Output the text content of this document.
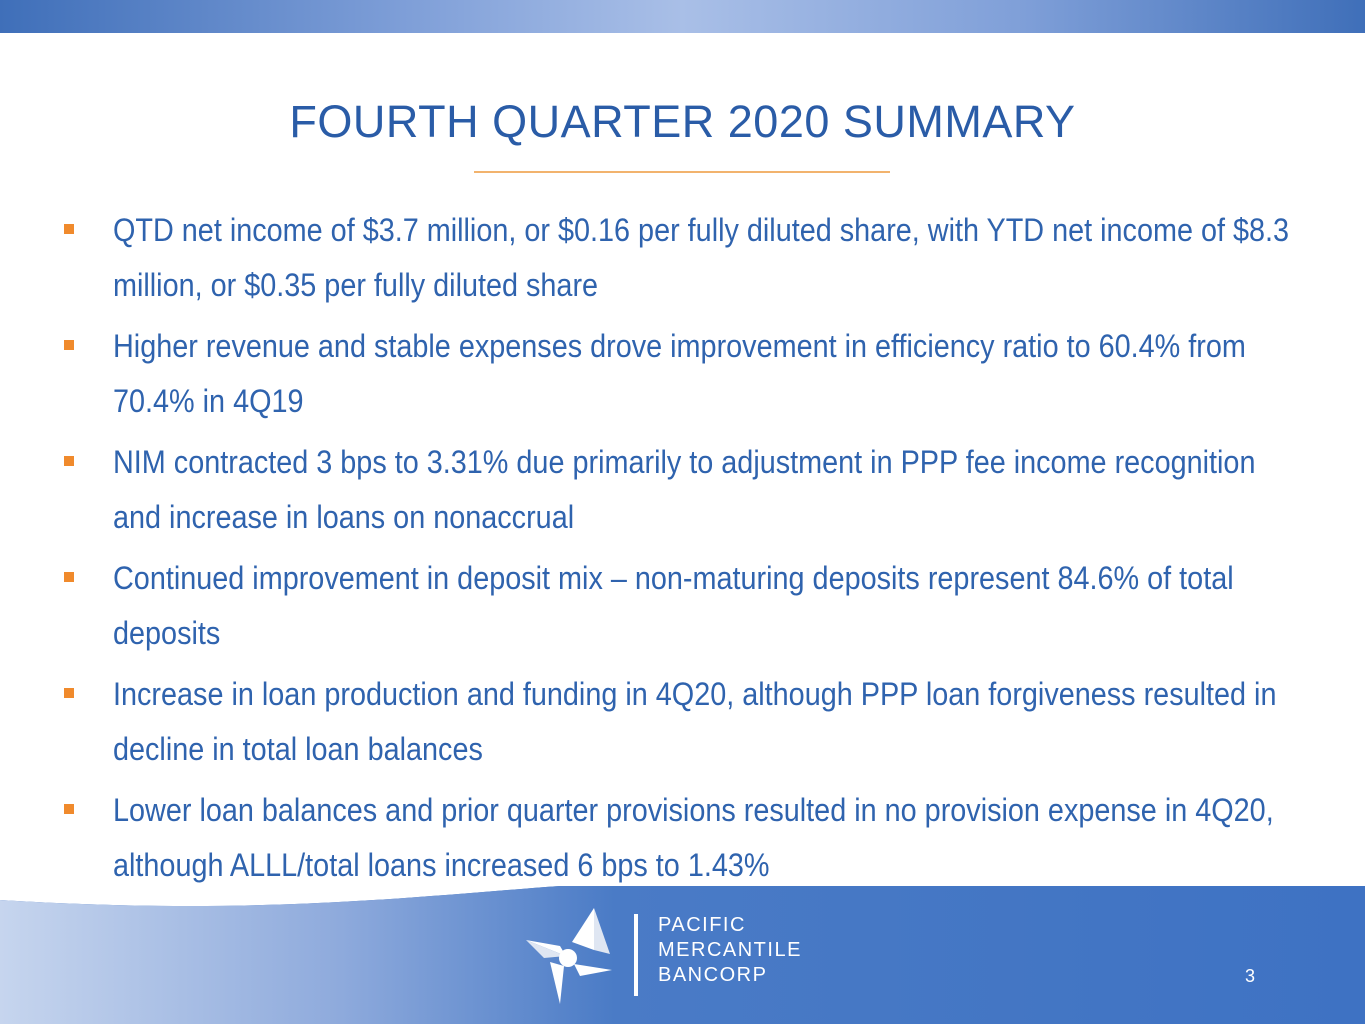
FOURTH QUARTER 2020 SUMMARY
QTD net income of $3.7 million, or $0.16 per fully diluted share, with YTD net income of $8.3 million, or $0.35 per fully diluted share
Higher revenue and stable expenses drove improvement in efficiency ratio to 60.4% from 70.4% in 4Q19
NIM contracted 3 bps to 3.31% due primarily to adjustment in PPP fee income recognition and increase in loans on nonaccrual
Continued improvement in deposit mix – non-maturing deposits represent 84.6% of total deposits
Increase in loan production and funding in 4Q20, although PPP loan forgiveness resulted in decline in total loan balances
Lower loan balances and prior quarter provisions resulted in no provision expense in 4Q20, although ALLL/total loans increased 6 bps to 1.43%
PACIFIC
MERCANTILE
BANCORP	3
